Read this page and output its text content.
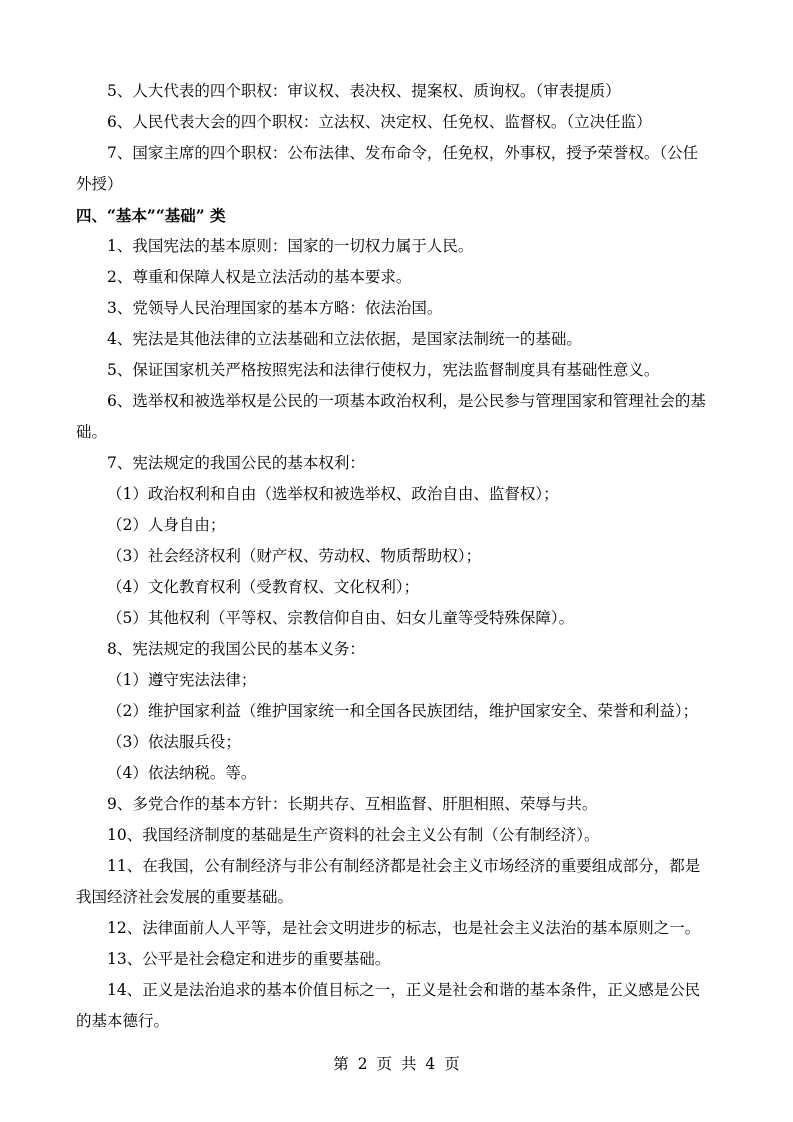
5、人大代表的四个职权：审议权、表决权、提案权、质询权。（审表提质）

6、人民代表大会的四个职权：立法权、决定权、任免权、监督权。（立决任监）

7、国家主席的四个职权：公布法律、发布命令，任免权，外事权，授予荣誉权。（公任

外授）

四、“基本”“基础” 类

1、我国宪法的基本原则：国家的一切权力属于人民。

2、尊重和保障人权是立法活动的基本要求。

3、党领导人民治理国家的基本方略：依法治国。

4、宪法是其他法律的立法基础和立法依据，是国家法制统一的基础。

5、保证国家机关严格按照宪法和法律行使权力，宪法监督制度具有基础性意义。

6、选举权和被选举权是公民的一项基本政治权利，是公民参与管理国家和管理社会的基

础。

7、宪法规定的我国公民的基本权利：

（1）政治权利和自由（选举权和被选举权、政治自由、监督权）；

（2）人身自由；

（3）社会经济权利（财产权、劳动权、物质帮助权）；

（4）文化教育权利（受教育权、文化权利）；

（5）其他权利（平等权、宗教信仰自由、妇女儿童等受特殊保障）。

8、宪法规定的我国公民的基本义务：

（1）遵守宪法法律；

（2）维护国家利益（维护国家统一和全国各民族团结，维护国家安全、荣誉和利益）；

（3）依法服兵役；

（4）依法纳税。等。

9、多党合作的基本方针：长期共存、互相监督、肝胆相照、荣辱与共。

10、我国经济制度的基础是生产资料的社会主义公有制（公有制经济）。

11、在我国，公有制经济与非公有制经济都是社会主义市场经济的重要组成部分，都是

我国经济社会发展的重要基础。

12、法律面前人人平等，是社会文明进步的标志，也是社会主义法治的基本原则之一。

13、公平是社会稳定和进步的重要基础。

14、正义是法治追求的基本价值目标之一，正义是社会和谐的基本条件，正义感是公民

的基本德行。

第 2 页 共 4 页
